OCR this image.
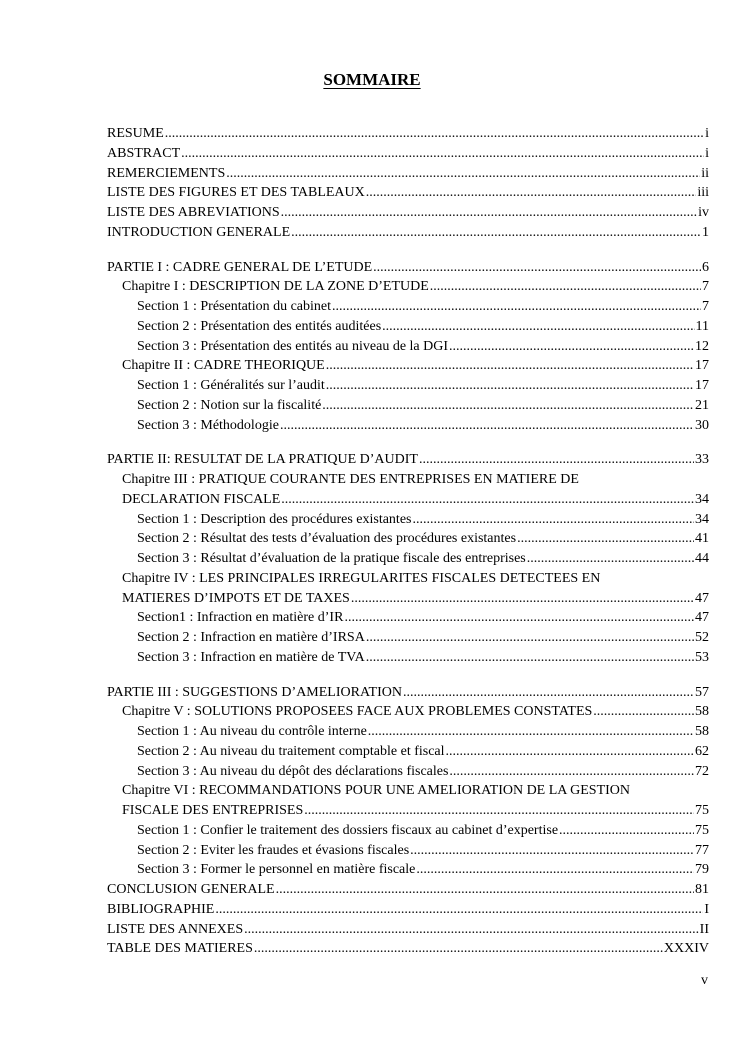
SOMMAIRE
RESUME .....	i
ABSTRACT .....	i
REMERCIEMENTS .....	ii
LISTE DES FIGURES ET DES TABLEAUX .....	iii
LISTE DES ABREVIATIONS .....	iv
INTRODUCTION GENERALE .....	1
PARTIE I : CADRE GENERAL DE L’ETUDE .....	6
Chapitre I : DESCRIPTION DE LA ZONE D’ETUDE .....	7
Section 1 : Présentation du cabinet .....	7
Section 2 : Présentation des entités auditées .....	11
Section 3 : Présentation des entités au niveau de la DGI .....	12
Chapitre II : CADRE THEORIQUE .....	17
Section 1 : Généralités sur l’audit .....	17
Section 2 : Notion sur la fiscalité .....	21
Section 3 : Méthodologie .....	30
PARTIE II: RESULTAT DE LA PRATIQUE D’AUDIT .....	33
Chapitre III : PRATIQUE COURANTE DES ENTREPRISES EN MATIERE DE
DECLARATION FISCALE .....	34
Section 1 : Description des procédures existantes .....	34
Section 2 : Résultat des tests d’évaluation des procédures existantes .....	41
Section 3 : Résultat d’évaluation de la pratique fiscale des entreprises .....	44
Chapitre IV : LES PRINCIPALES IRREGULARITES FISCALES DETECTEES EN
MATIERES D’IMPOTS ET DE TAXES .....	47
Section1 : Infraction en matière d’IR .....	47
Section 2 : Infraction en matière d’IRSA .....	52
Section 3 : Infraction en matière de TVA .....	53
PARTIE III : SUGGESTIONS D’AMELIORATION .....	57
Chapitre V : SOLUTIONS PROPOSEES FACE AUX PROBLEMES CONSTATES .....	58
Section 1 : Au niveau du contrôle interne .....	58
Section 2 : Au niveau du traitement comptable et fiscal .....	62
Section 3 : Au niveau du dépôt des déclarations fiscales .....	72
Chapitre VI : RECOMMANDATIONS POUR UNE AMELIORATION DE LA GESTION
FISCALE DES ENTREPRISES .....	75
Section 1 : Confier le traitement des dossiers fiscaux au cabinet d’expertise .....	75
Section 2 : Eviter les fraudes et évasions fiscales .....	77
Section 3 : Former le personnel en matière fiscale .....	79
CONCLUSION GENERALE .....	81
BIBLIOGRAPHIE .....	I
LISTE DES ANNEXES .....	II
TABLE DES MATIERES .....	XXXIV
v
